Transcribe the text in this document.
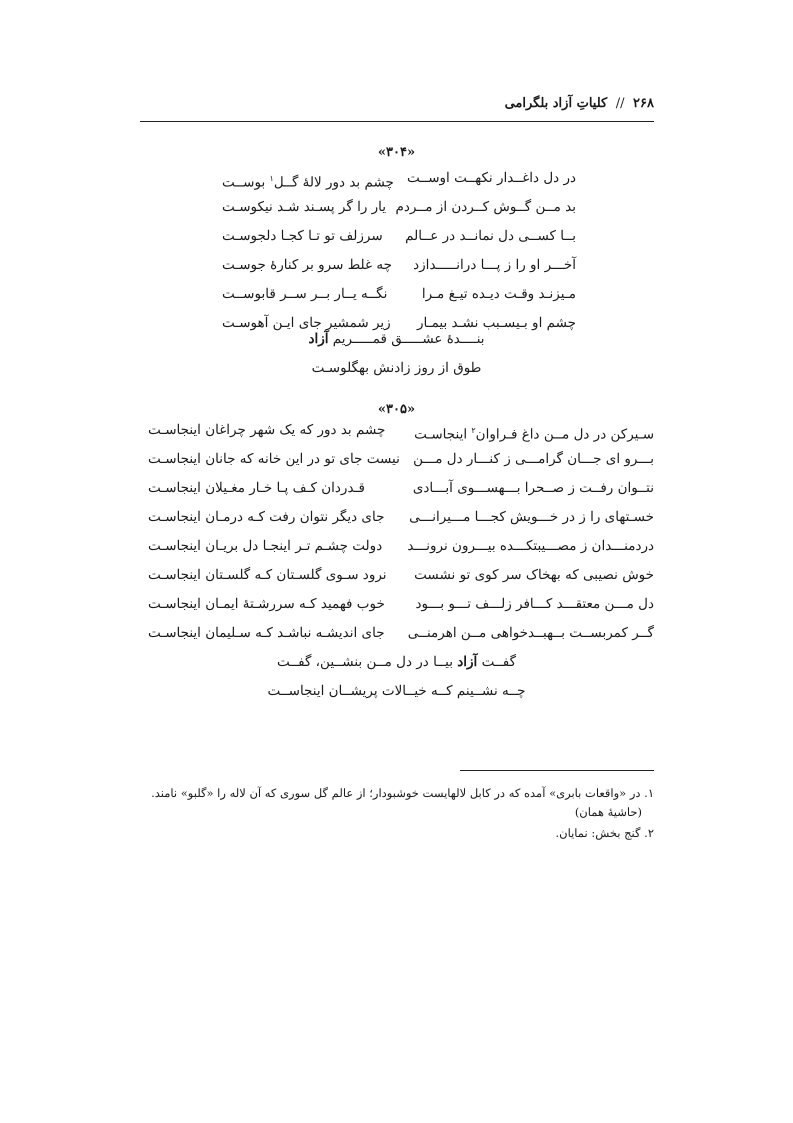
۲۶۸ // کلیاتِ آزاد بلگرامی
«۳۰۴»
در دل داغــدار نکهــت اوســت
چشم بد دور لالهٔ گــل$^۱$ بوســت
بد مــن گــوش کــردن از مــردم
یار را گر پسـند شـد نیکوسـت
بــا کســی دل نمانــد در عــالم
سرزلف تو تـا کجـا دلجوسـت
آخـــر او را ز پـــا درانـــــدازد
چه غلط سرو بر کنارهٔ جوسـت
مـیزنـد وقـت دیـده تیـغ مـرا
نگــه یــار بــر ســر قابوســت
چشم او بـیسـبب نشـد بیمـار
زیر شمشیر جای ایـن آهوسـت
بنــــدهٔ عشـــــق قمـــــریم آزاد
طوق از روز زادنش بهگلوسـت
«۳۰۵»
سـیرکن در دل مــن داغ فـراوان$^۲$ اینجاسـت
چشم بد دور که یک شهر چراغان اینجاسـت
بـــرو ای جـــان گرامـــی ز کنـــار دل مـــن
نیست جای تو در این خانه که جانان اینجاسـت
نتــوان رفــت ز صــحرا بـــهســـوی آبـــادی
قـدردان کـف پـا خـار مغـیلان اینجاسـت
خسـتهای را ز در خـــویش کجـــا مـــیرانـــی
جای دیگر نتوان رفت کـه درمـان اینجاسـت
دردمنـــدان ز مصـــیبتکـــده بیـــرون نرونـــد
دولت چشـم تـر اینجـا دل بریـان اینجاسـت
خوش نصیبی که بهخاک سر کوی تو نشست
نرود سـوی گلسـتان کـه گلسـتان اینجاسـت
دل مـــن معتقـــد کـــافر زلـــف تـــو بـــود
خوب فهمید کـه سررشـتهٔ ایمـان اینجاسـت
گــر کمربســت بــهبــدخواهی مــن اهرمنــی
جای اندیشـه نباشـد کـه سـلیمان اینجاسـت
گفــت آزاد بیــا در دل مــن بنشــین، گفــت
چــه نشــینم کــه خیــالات پریشــان اینجاســت
۱. در «واقعات بابری» آمده که در کابل لالهایست خوشبودار؛ از عالم گل سوری که آن لاله را «گلبو» نامند.
(حاشیهٔ همان)
۲. گنج بخش: نمایان.
